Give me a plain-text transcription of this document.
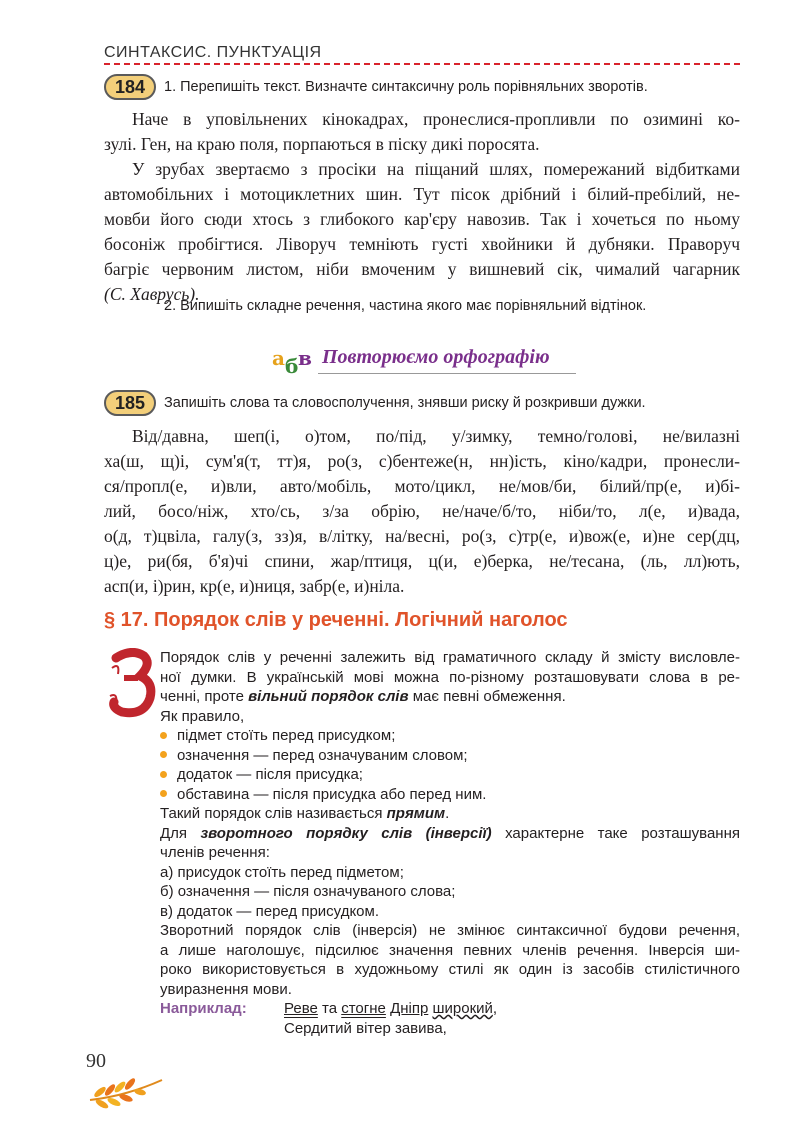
СИНТАКСИС. ПУНКТУАЦІЯ
184	1. Перепишіть текст. Визначте синтаксичну роль порівняльних зворотів.
Наче в уповільнених кінокадрах, пронеслися-пропливли по озимині ко-
зулі. Ген, на краю поля, порпаються в піску дикі поросята.
У зрубах звертаємо з просіки на піщаний шлях, помережаний відбитками
автомобільних і мотоциклетних шин. Тут пісок дрібний і білий-пребілий, не-
мовби його сюди хтось з глибокого кар'єру навозив. Так і хочеться по ньому
босоніж пробігтися. Ліворуч темніють густі хвойники й дубняки. Праворуч
багріє червоним листом, ніби вмоченим у вишневий сік, чималий чагарник
(С. Хаврусь).
2. Випишіть складне речення, частина якого має порівняльний відтінок.
а б в Повторюємо орфографію
185	Запишіть слова та словосполучення, знявши риску й розкривши дужки.
Від/давна, шеп(і, о)том, по/під, у/зимку, темно/голові, не/вилазні
ха(ш, щ)і, сум'я(т, тт)я, ро(з, с)бентеже(н, нн)ість, кіно/кадри, пронесли-
ся/пропл(е, и)вли, авто/мобіль, мото/цикл, не/мов/би, білий/пр(е, и)бі-
лий, босо/ніж, хто/сь, з/за обрію, не/наче/б/то, ніби/то, л(е, и)вада,
о(д, т)цвіла, галу(з, зз)я, в/літку, на/весні, ро(з, с)тр(е, и)вож(е, и)не сер(дц,
ц)е, ри(бя, б'я)чі спини, жар/птиця, ц(и, е)берка, не/тесана, (ль, лл)ють,
асп(и, і)рин, кр(е, и)ниця, забр(е, и)ніла.
§ 17. Порядок слів у реченні. Логічний наголос
Порядок слів у реченні залежить від граматичного складу й змісту висловле-
ної думки. В українській мові можна по-різному розташовувати слова в ре-
ченні, проте вільний порядок слів має певні обмеження.
Як правило,
підмет стоїть перед присудком;
означення — перед означуваним словом;
додаток — після присудка;
обставина — після присудка або перед ним.
Такий порядок слів називається прямим.
Для зворотного порядку слів (інверсії) характерне таке розташування
членів речення:
а) присудок стоїть перед підметом;
б) означення — після означуваного слова;
в) додаток — перед присудком.
Зворотний порядок слів (інверсія) не змінює синтаксичної будови речення,
а лише наголошує, підсилює значення певних членів речення. Інверсія ши-
роко використовується в художньому стилі як один із засобів стилістичного
увиразнення мови.
Наприклад: Реве та стогне Дніпр широкий,
Сердитий вітер завива,
90
